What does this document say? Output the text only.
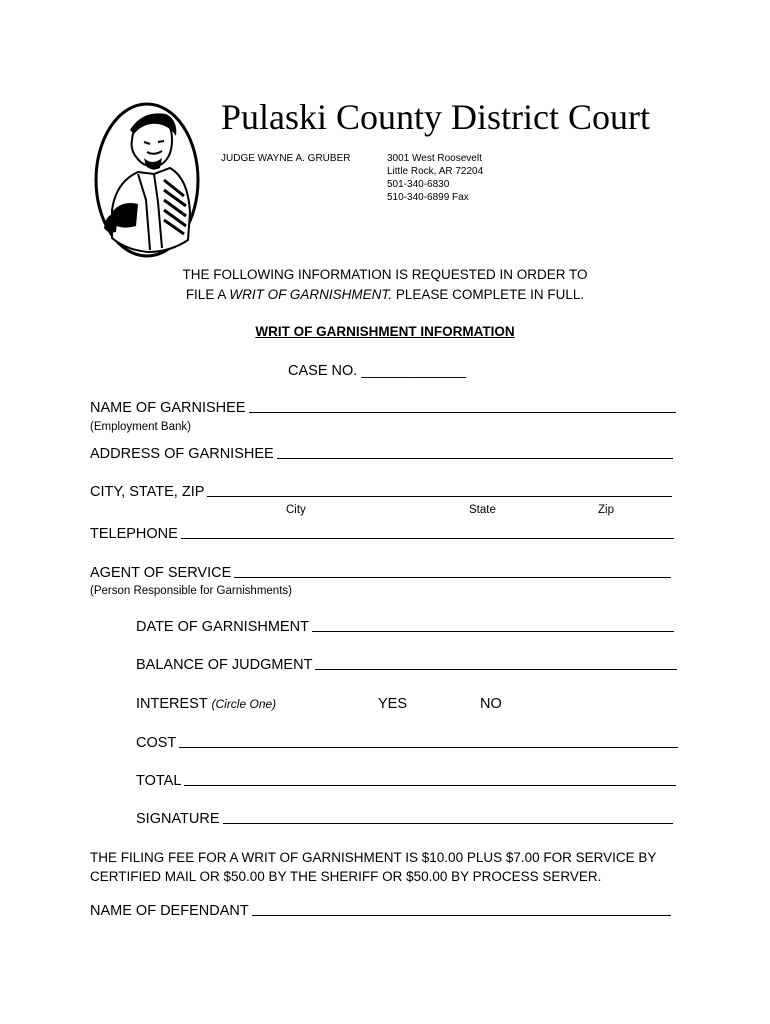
Pulaski County District Court
JUDGE WAYNE A. GRUBER	3001 West Roosevelt
Little Rock, AR 72204
501-340-6830
510-340-6899 Fax
THE FOLLOWING INFORMATION IS REQUESTED IN ORDER TO
FILE A WRIT OF GARNISHMENT. PLEASE COMPLETE IN FULL.
WRIT OF GARNISHMENT INFORMATION
CASE NO. _____________
NAME OF GARNISHEE
(Employment Bank)
ADDRESS OF GARNISHEE
CITY, STATE, ZIP
City	State	Zip
TELEPHONE
AGENT OF SERVICE
(Person Responsible for Garnishments)
DATE OF GARNISHMENT
BALANCE OF JUDGMENT
INTEREST (Circle One)	YES	NO
COST
TOTAL
SIGNATURE
THE FILING FEE FOR A WRIT OF GARNISHMENT IS $10.00 PLUS $7.00 FOR SERVICE BY
CERTIFIED MAIL OR $50.00 BY THE SHERIFF OR $50.00 BY PROCESS SERVER.
NAME OF DEFENDANT
